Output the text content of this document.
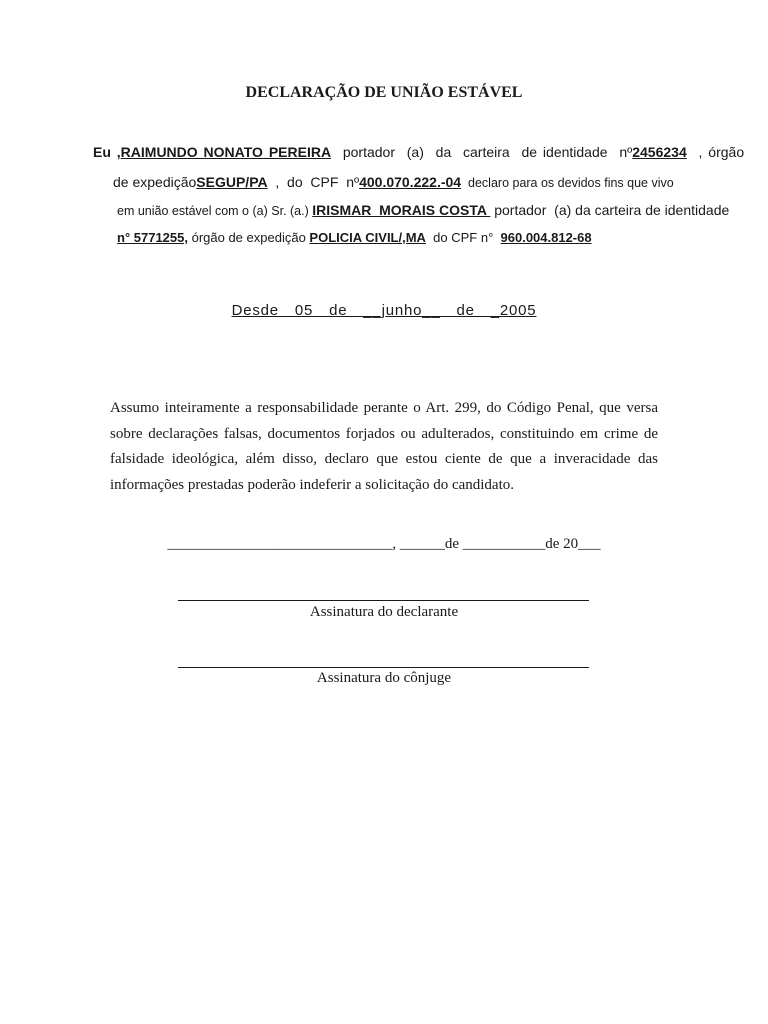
DECLARAÇÃO DE UNIÃO ESTÁVEL
Eu ,RAIMUNDO NONATO PEREIRA  portador  (a)  da  carteira  de identidade  nº2456234  , órgão
de expediçãoSEGUP/PA  ,  do  CPF  nº400.070.222.-04  declaro para os devidos fins que vivo
em união estável com o (a) Sr. (a.) IRISMAR  MORAIS COSTA  portador  (a) da carteira de identidade
n° 5771255, órgão de expedição POLICIA CIVIL/,MA  do CPF n°  960.004.812-68
Desde  05  de  __junho__  de  _2005

Assumo inteiramente a responsabilidade perante o Art. 299, do Código Penal, que versa sobre declarações falsas, documentos forjados ou adulterados, constituindo em crime de falsidade ideológica, além disso, declaro que estou ciente de que a inveracidade das informações prestadas poderão indeferir a solicitação do candidato.

______________________________, ______de ___________de 20___
Assinatura do declarante
Assinatura do cônjuge
